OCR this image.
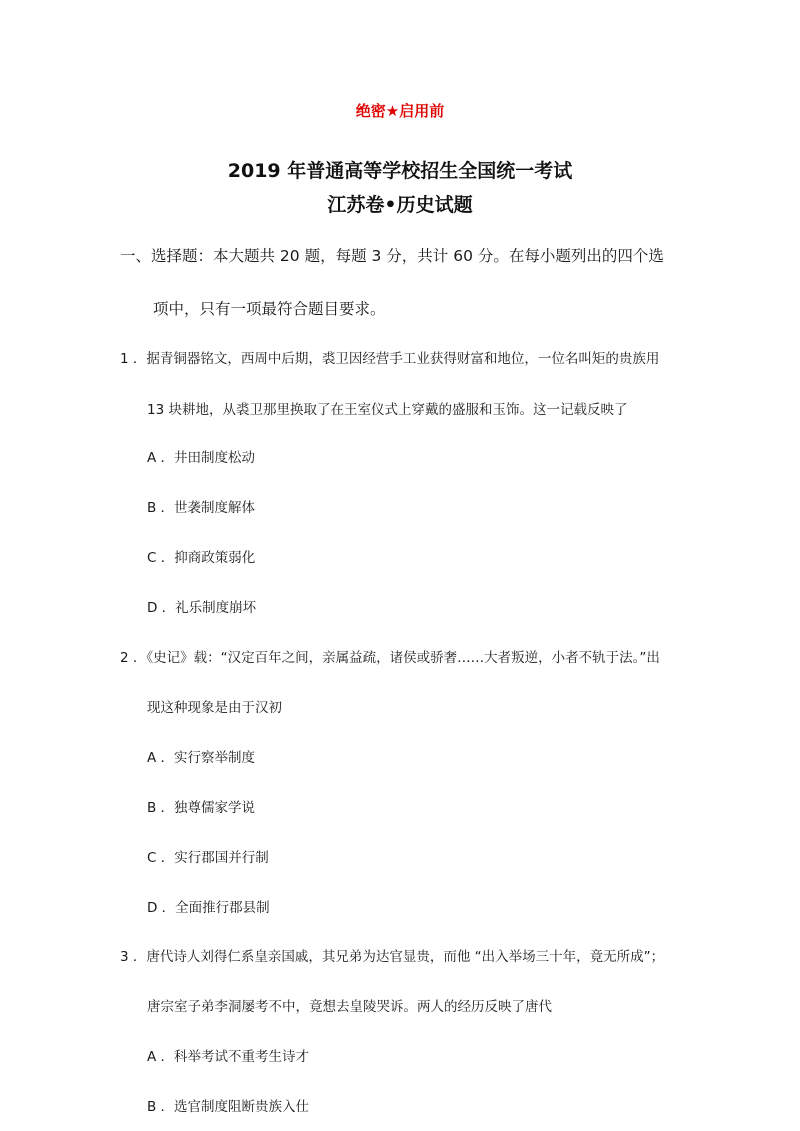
绝密★启用前
2019 年普通高等学校招生全国统一考试
江苏卷•历史试题
一、选择题：本大题共 20 题，每题 3 分，共计 60 分。在每小题列出的四个选
项中，只有一项最符合题目要求。
1 ．据青铜器铭文，西周中后期，裘卫因经营手工业获得财富和地位，一位名叫矩的贵族用
13 块耕地，从裘卫那里换取了在王室仪式上穿戴的盛服和玉饰。这一记载反映了
A ．井田制度松动
B ．世袭制度解体
C ．抑商政策弱化
D ．礼乐制度崩坏
2 ．《史记》载：“汉定百年之间，亲属益疏，诸侯或骄奢……大者叛逆，小者不轨于法。”出
现这种现象是由于汉初
A ．实行察举制度
B ．独尊儒家学说
C ．实行郡国并行制
D ．全面推行郡县制
3 ．唐代诗人刘得仁系皇亲国戚，其兄弟为达官显贵，而他 “出入举场三十年，竟无所成”；
唐宗室子弟李洞屡考不中，竟想去皇陵哭诉。两人的经历反映了唐代
A ．科举考试不重考生诗才
B ．选官制度阻断贵族入仕
